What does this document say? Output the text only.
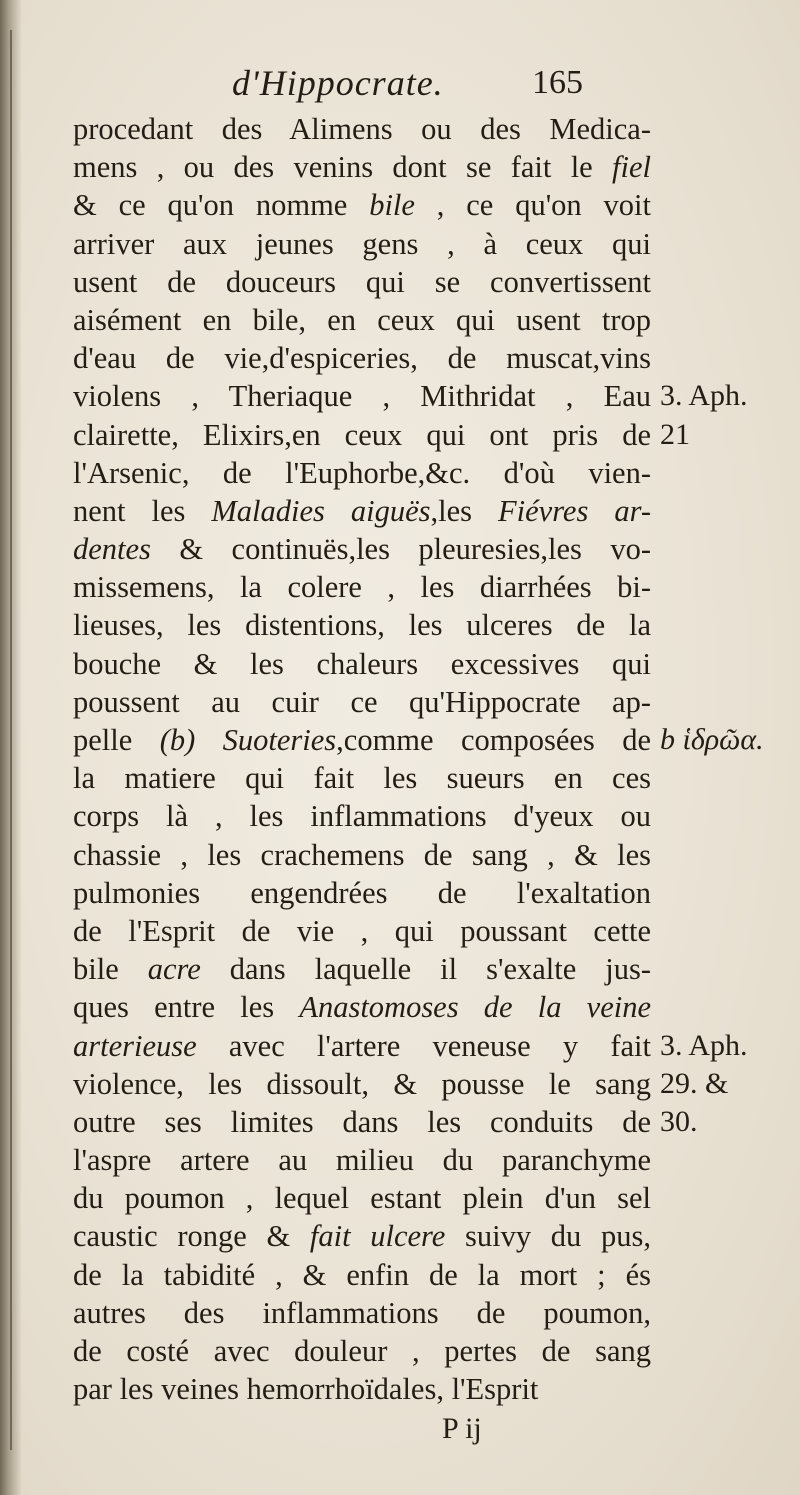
d'Hippocrate.	165
procedant des Alimens ou des Medica-
mens , ou des venins dont se fait le fiel
& ce qu'on nomme bile , ce qu'on voit
arriver aux jeunes gens , à ceux qui
usent de douceurs qui se convertissent
aisément en bile, en ceux qui usent trop
d'eau de vie,d'espiceries, de muscat,vins
violens , Theriaque , Mithridat , Eau
clairette, Elixirs,en ceux qui ont pris de
l'Arsenic, de l'Euphorbe,&c. d'où vien-
nent les Maladies aiguës,les Fiévres ar-
dentes & continuës,les pleuresies,les vo-
missemens, la colere , les diarrhées bi-
lieuses, les distentions, les ulceres de la
bouche & les chaleurs excessives qui
poussent au cuir ce qu'Hippocrate ap-
pelle (b) Suoteries,comme composées de
la matiere qui fait les sueurs en ces
corps là , les inflammations d'yeux ou
chassie , les crachemens de sang , & les
pulmonies engendrées de l'exaltation
de l'Esprit de vie , qui poussant cette
bile acre dans laquelle il s'exalte jus-
ques entre les Anastomoses de la veine
arterieuse avec l'artere veneuse y fait
violence, les dissoult, & pousse le sang
outre ses limites dans les conduits de
l'aspre artere au milieu du paranchyme
du poumon , lequel estant plein d'un sel
caustic ronge & fait ulcere suivy du pus,
de la tabidité , & enfin de la mort ; és
autres des inflammations de poumon,
de costé avec douleur , pertes de sang
par les veines hemorrhoïdales, l'Esprit
3. Aph.
21
b ἱδρῶα.
3. Aph.
29. &
30.
P ij
